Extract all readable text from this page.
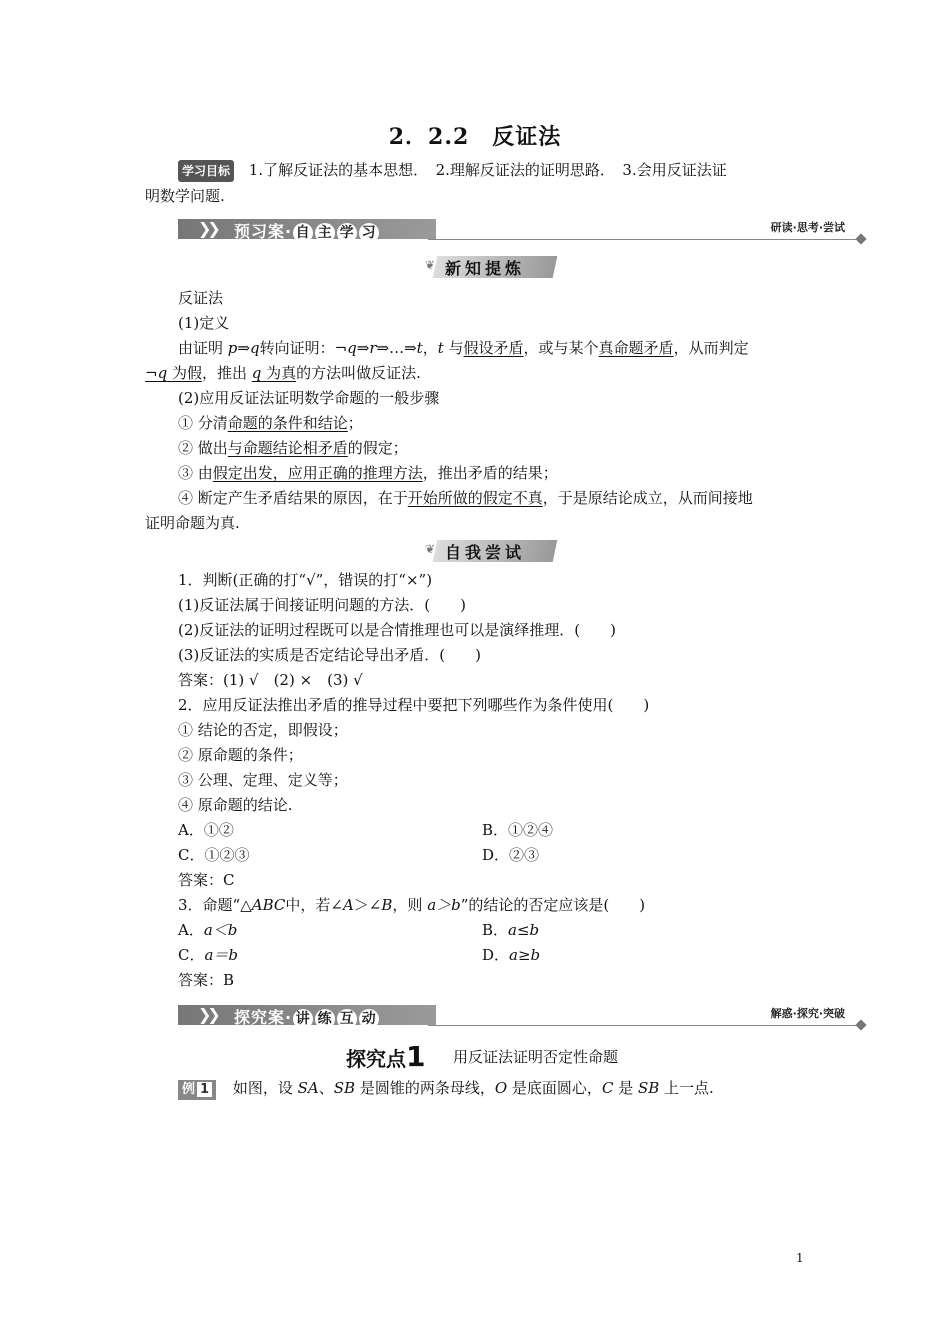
2．2.2　反证法
学习目标 1.了解反证法的基本思想．　2.理解反证法的证明思路．　3.会用反证法证
明数学问题.
❯❯ 预习案· 自 主 学 习	研读·思考·尝试
❦ 新知提炼
反证法
(1)定义
由证明 p⇒q转向证明：¬q⇒r⇒…⇒t，t 与假设矛盾，或与某个真命题矛盾，从而判定
¬q 为假，推出 q 为真的方法叫做反证法.
(2)应用反证法证明数学命题的一般步骤
① 分清命题的条件和结论；
② 做出与命题结论相矛盾的假定；
③ 由假定出发，应用正确的推理方法，推出矛盾的结果；
④ 断定产生矛盾结果的原因，在于开始所做的假定不真，于是原结论成立，从而间接地
证明命题为真.
❦ 自我尝试
1．判断(正确的打“√”，错误的打“×”)
(1)反证法属于间接证明问题的方法．(　　)
(2)反证法的证明过程既可以是合情推理也可以是演绎推理．(　　)
(3)反证法的实质是否定结论导出矛盾．(　　)
答案：(1) √　(2) ×　(3) √
2．应用反证法推出矛盾的推导过程中要把下列哪些作为条件使用(　　)
① 结论的否定，即假设；
② 原命题的条件；
③ 公理、定理、定义等；
④ 原命题的结论.
A．①②	B．①②④
C．①②③	D．②③
答案：C
3．命题“△ABC中，若∠A＞∠B，则 a＞b”的结论的否定应该是(　　)
A．a＜b	B．a≤b
C．a＝b	D．a≥b
答案：B
❯❯ 探究案· 讲 练 互 动	解惑·探究·突破
探究点1 用反证法证明否定性命题
例 1 如图，设 SA、SB 是圆锥的两条母线，O 是底面圆心，C 是 SB 上一点.
1
